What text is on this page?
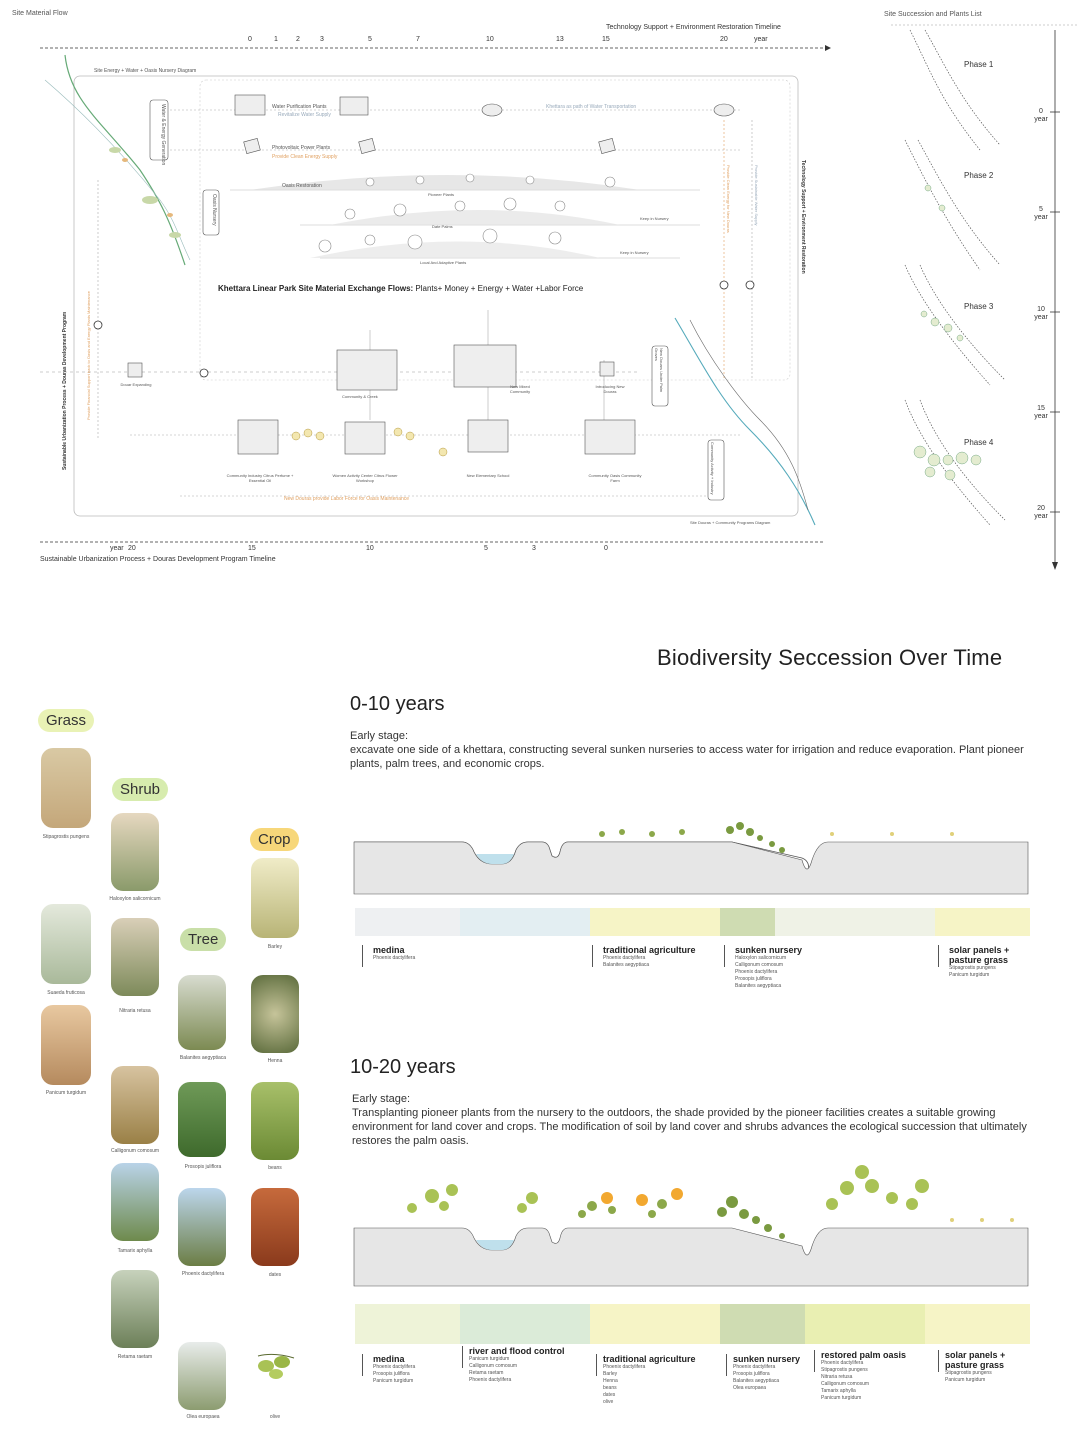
Site Material Flow
Technology Support + Environment Restoration Timeline
0	1	2	3	5	7	10	13	15	20	year
Site Energy + Water + Oasis Nursery Diagram
Water & Energy Generation	Water Purification Plants
Revitalize Water Supply
Khettara as path of Water Transportation
Photovoltaic Power Plants
Provide Clean Energy Supply
Oasis Nursery
Oasis Restoration
Pioneer Plants
Date Palms
Keep in Nursery
Keep in Nursery
Local And Adaptive Plants
Khettara Linear Park Site Material Exchange Flows: Plants+ Money + Energy + Water +Labor Force
Technology Support + Environment Restoration
Sustainable Urbanization Process + Douras Development Program	Provide Financial Support back to Oasis and Energy Plants Maintenance
Provide Sustainable Water Supply
Provide Clean Energy for New Douras
Douar Expanding
Community & Creek
New Mixed Community
Introducing New Douras	New Douars Under Palm Groves
Community Industry Citrus Perfume + Essential Oil
Women Activity Center Citrus Flower Workshop
New Elementary School	Community Oasis Community Farm	Community Activity + Industry
New Douras provide Labor Force for Oasis Maintenance
Site Douras + Community Programs Diagram
year 20	15	10	5	3	0
Sustainable Urbanization Process + Douras Development Program Timeline
Site Succession and Plants List
Phase 1
Phase 2
Phase 3
Phase 4
0
year
5
year
10
year
15
year
20
year
Biodiversity Seccession Over Time
Grass
Shrub
Crop
Tree
Stipagrostis pungens
Suaeda fruticosa
Panicum turgidum
Haloxylon salicornicum
Nitraria retusa
Calligonum comosum
Tamarix aphylla
Retama raetam
Balanites aegyptiaca
Prosopis juliflora
Phoenix dactylifera
Olea europaea
Barley
Henna
beans
dates
olive
0-10 years
Early stage:
excavate one side of a khettara, constructing several sunken nurseries to access water for irrigation and reduce evaporation. Plant pioneer plants, palm trees, and economic crops.
medina
Phoenix dactylifera
traditional agriculture
Phoenix dactylifera
Balanites aegyptiaca
sunken nursery
Haloxylon salicornicum
Calligonum comosum
Phoenix dactylifera
Prosopis juliflora
Balanites aegyptiaca
solar panels + pasture grass
Stipagrostis pungens
Panicum turgidum
10-20 years
Early stage:
Transplanting pioneer plants from the nursery to the outdoors, the shade provided by the pioneer facilities creates a suitable growing environment for land cover and crops. The modification of soil by land cover and shrubs advances the ecological succession that ultimately restores the palm oasis.
medina
Phoenix dactylifera
Prosopis juliflora
Panicum turgidum
river and flood control
Panicum turgidum
Calligonum comosum
Retama raetam
Phoenix dactylifera
traditional agriculture
Phoenix dactylifera
Barley
Henna
beans
dates
olive
sunken nursery
Phoenix dactylifera
Prosopis juliflora
Balanites aegyptiaca
Olea europaea
restored palm oasis
Phoenix dactylifera
Stipagrostis pungens
Nitraria retusa
Calligonum comosum
Tamarix aphylla
Panicum turgidum
solar panels + pasture grass
Stipagrostis pungens
Panicum turgidum
